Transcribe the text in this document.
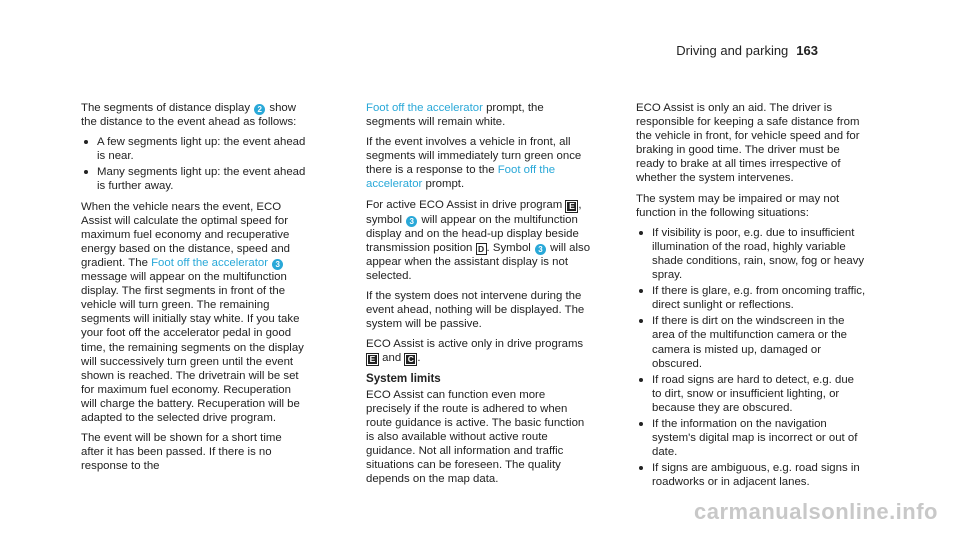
Driving and parking 163

The segments of distance display 2 show the distance to the event ahead as follows:

A few segments light up: the event ahead is near.
Many segments light up: the event ahead is further away.

When the vehicle nears the event, ECO Assist will calculate the optimal speed for maximum fuel economy and recuperative energy based on the distance, speed and gradient. The Foot off the accelerator 3 message will appear on the multifunction display. The first segments in front of the vehicle will turn green. The remaining segments will initially stay white. If you take your foot off the accelerator pedal in good time, the remaining segments on the display will successively turn green until the event shown is reached. The drivetrain will be set for maximum fuel economy. Recuperation will charge the battery. Recuperation will be adapted to the selected drive program.

The event will be shown for a short time after it has been passed. If there is no response to the

Foot off the accelerator prompt, the segments will remain white.

If the event involves a vehicle in front, all segments will immediately turn green once there is a response to the Foot off the accelerator prompt.

For active ECO Assist in drive program E , symbol 3 will appear on the multifunction display and on the head-up display beside transmission position D . Symbol 3 will also appear when the assistant display is not selected.

If the system does not intervene during the event ahead, nothing will be displayed. The system will be passive.

ECO Assist is active only in drive programs E and C .

System limits

ECO Assist can function even more precisely if the route is adhered to when route guidance is active. The basic function is also available without active route guidance. Not all information and traffic situations can be foreseen. The quality depends on the map data.

ECO Assist is only an aid. The driver is responsible for keeping a safe distance from the vehicle in front, for vehicle speed and for braking in good time. The driver must be ready to brake at all times irrespective of whether the system intervenes.

The system may be impaired or may not function in the following situations:

If visibility is poor, e.g. due to insufficient illumination of the road, highly variable shade conditions, rain, snow, fog or heavy spray.
If there is glare, e.g. from oncoming traffic, direct sunlight or reflections.
If there is dirt on the windscreen in the area of the multifunction camera or the camera is misted up, damaged or obscured.
If road signs are hard to detect, e.g. due to dirt, snow or insufficient lighting, or because they are obscured.
If the information on the navigation system's digital map is incorrect or out of date.
If signs are ambiguous, e.g. road signs in roadworks or in adjacent lanes.
carmanualsonline.info
